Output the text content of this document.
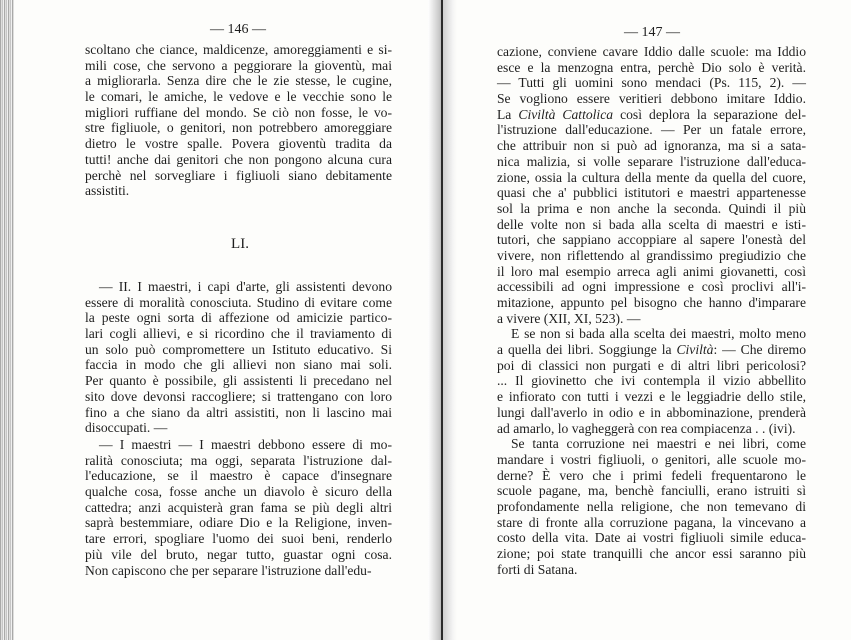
— 146 —
scoltano che ciance, maldicenze, amoreggiamenti e si-
mili cose, che servono a peggiorare la gioventù, mai
a migliorarla. Senza dire che le zie stesse, le cugine,
le comari, le amiche, le vedove e le vecchie sono le
migliori ruffiane del mondo. Se ciò non fosse, le vo-
stre figliuole, o genitori, non potrebbero amoreggiare
dietro le vostre spalle. Povera gioventù tradita da
tutti! anche dai genitori che non pongono alcuna cura
perchè nel sorvegliare i figliuoli siano debitamente
assistiti.
LI.
— II. I maestri, i capi d'arte, gli assistenti devono
essere di moralità conosciuta. Studino di evitare come
la peste ogni sorta di affezione od amicizie partico-
lari cogli allievi, e si ricordino che il traviamento di
un solo può compromettere un Istituto educativo. Si
faccia in modo che gli allievi non siano mai soli.
Per quanto è possibile, gli assistenti li precedano nel
sito dove devonsi raccogliere; si trattengano con loro
fino a che siano da altri assistiti, non li lascino mai
disoccupati. —
— I maestri — I maestri debbono essere di mo-
ralità conosciuta; ma oggi, separata l'istruzione dal-
l'educazione, se il maestro è capace d'insegnare
qualche cosa, fosse anche un diavolo è sicuro della
cattedra; anzi acquisterà gran fama se più degli altri
saprà bestemmiare, odiare Dio e la Religione, inven-
tare errori, spogliare l'uomo dei suoi beni, renderlo
più vile del bruto, negar tutto, guastar ogni cosa.
Non capiscono che per separare l'istruzione dall'edu-
— 147 —
cazione, conviene cavare Iddio dalle scuole: ma Iddio
esce e la menzogna entra, perchè Dio solo è verità.
— Tutti gli uomini sono mendaci (Ps. 115, 2). —
Se vogliono essere veritieri debbono imitare Iddio.
La Civiltà Cattolica così deplora la separazione del-
l'istruzione dall'educazione. — Per un fatale errore,
che attribuir non si può ad ignoranza, ma si a sata-
nica malizia, si volle separare l'istruzione dall'educa-
zione, ossia la cultura della mente da quella del cuore,
quasi che a' pubblici istitutori e maestri appartenesse
sol la prima e non anche la seconda. Quindi il più
delle volte non si bada alla scelta di maestri e isti-
tutori, che sappiano accoppiare al sapere l'onestà del
vivere, non riflettendo al grandissimo pregiudizio che
il loro mal esempio arreca agli animi giovanetti, così
accessibili ad ogni impressione e così proclivi all'i-
mitazione, appunto pel bisogno che hanno d'imparare
a vivere (XII, XI, 523). —
E se non si bada alla scelta dei maestri, molto meno
a quella dei libri. Soggiunge la Civiltà: — Che diremo
poi di classici non purgati e di altri libri pericolosi?
... Il giovinetto che ivi contempla il vizio abbellito
e infiorato con tutti i vezzi e le leggiadrie dello stile,
lungi dall'averlo in odio e in abbominazione, prenderà
ad amarlo, lo vagheggerà con rea compiacenza . . (ivi).
Se tanta corruzione nei maestri e nei libri, come
mandare i vostri figliuoli, o genitori, alle scuole mo-
derne? È vero che i primi fedeli frequentarono le
scuole pagane, ma, benchè fanciulli, erano istruiti sì
profondamente nella religione, che non temevano di
stare di fronte alla corruzione pagana, la vincevano a
costo della vita. Date ai vostri figliuoli simile educa-
zione; poi state tranquilli che ancor essi saranno più
forti di Satana.
